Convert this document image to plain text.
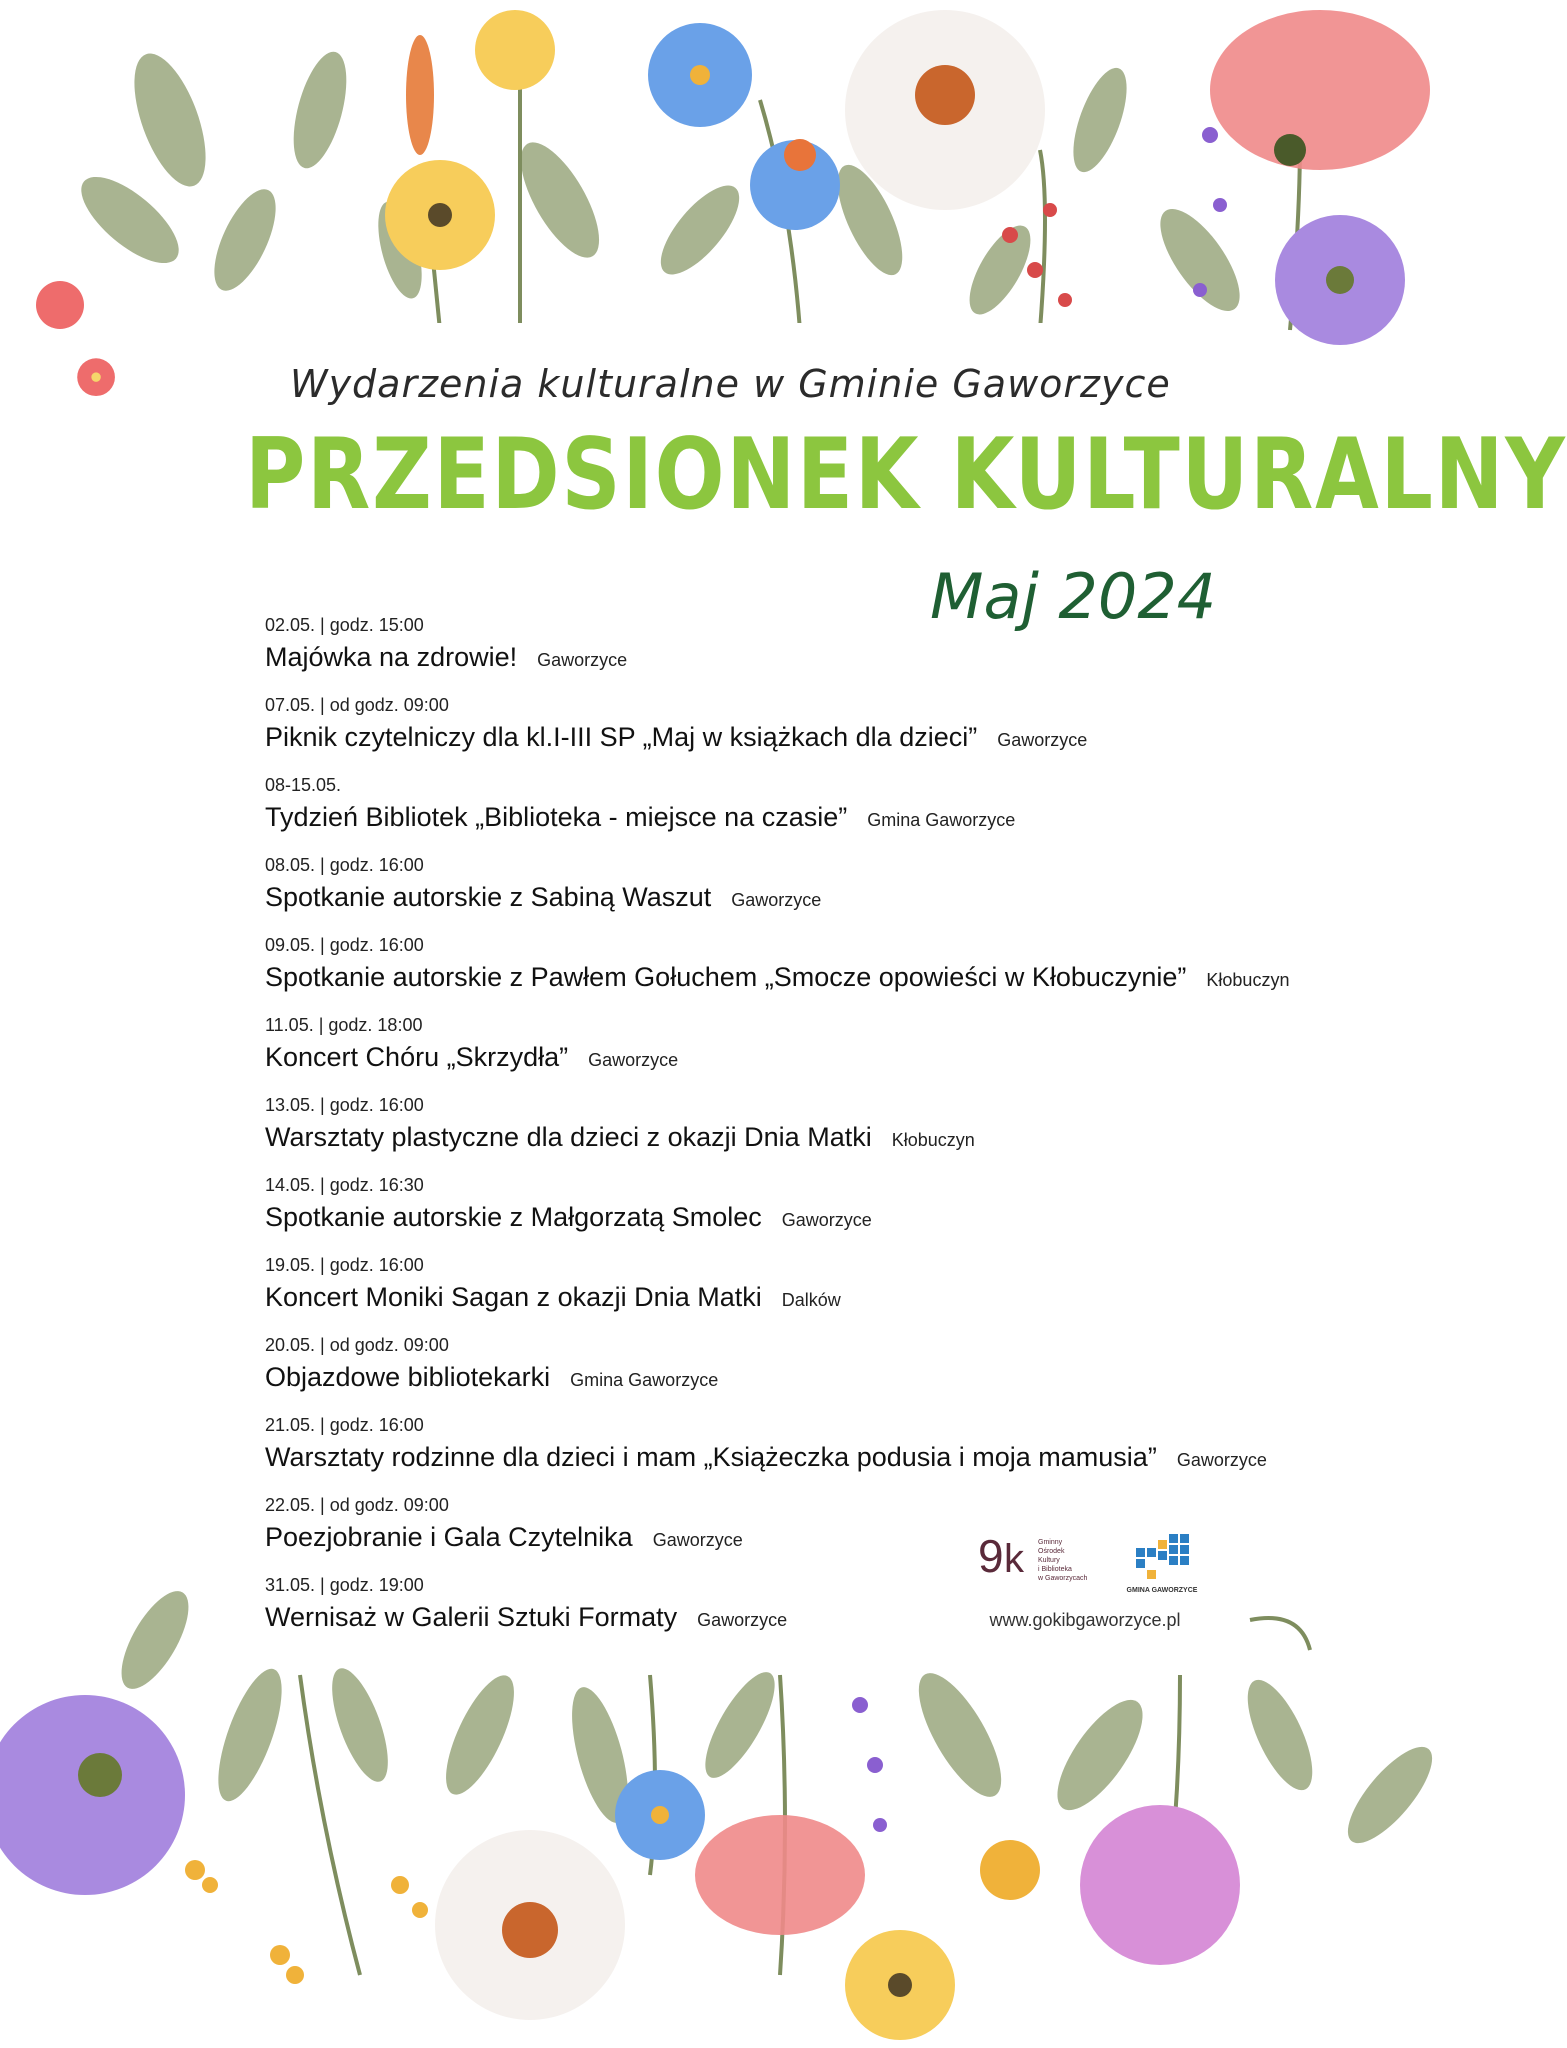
Wydarzenia kulturalne w Gminie Gaworzyce
PRZEDSIONEK KULTURALNY
Maj 2024
02.05. | godz. 15:00
Majówka na zdrowie! Gaworzyce
07.05. | od godz. 09:00
Piknik czytelniczy dla kl.I-III SP „Maj w książkach dla dzieci” Gaworzyce
08-15.05.
Tydzień Bibliotek „Biblioteka - miejsce na czasie” Gmina Gaworzyce
08.05. | godz. 16:00
Spotkanie autorskie z Sabiną Waszut Gaworzyce
09.05. | godz. 16:00
Spotkanie autorskie z Pawłem Gołuchem „Smocze opowieści w Kłobuczynie” Kłobuczyn
11.05. | godz. 18:00
Koncert Chóru „Skrzydła” Gaworzyce
13.05. | godz. 16:00
Warsztaty plastyczne dla dzieci z okazji Dnia Matki Kłobuczyn
14.05. | godz. 16:30
Spotkanie autorskie z Małgorzatą Smolec Gaworzyce
19.05. | godz. 16:00
Koncert Moniki Sagan z okazji Dnia Matki Dalków
20.05. | od godz. 09:00
Objazdowe bibliotekarki Gmina Gaworzyce
21.05. | godz. 16:00
Warsztaty rodzinne dla dzieci i mam „Książeczka podusia i moja mamusia” Gaworzyce
22.05. | od godz. 09:00
Poezjobranie i Gala Czytelnika Gaworzyce
31.05. | godz. 19:00
Wernisaż w Galerii Sztuki Formaty Gaworzyce
9 k Gminny
Ośrodek
Kultury
i Biblioteka
w Gaworzycach
GMINA GAWORZYCE
www.gokibgaworzyce.pl
